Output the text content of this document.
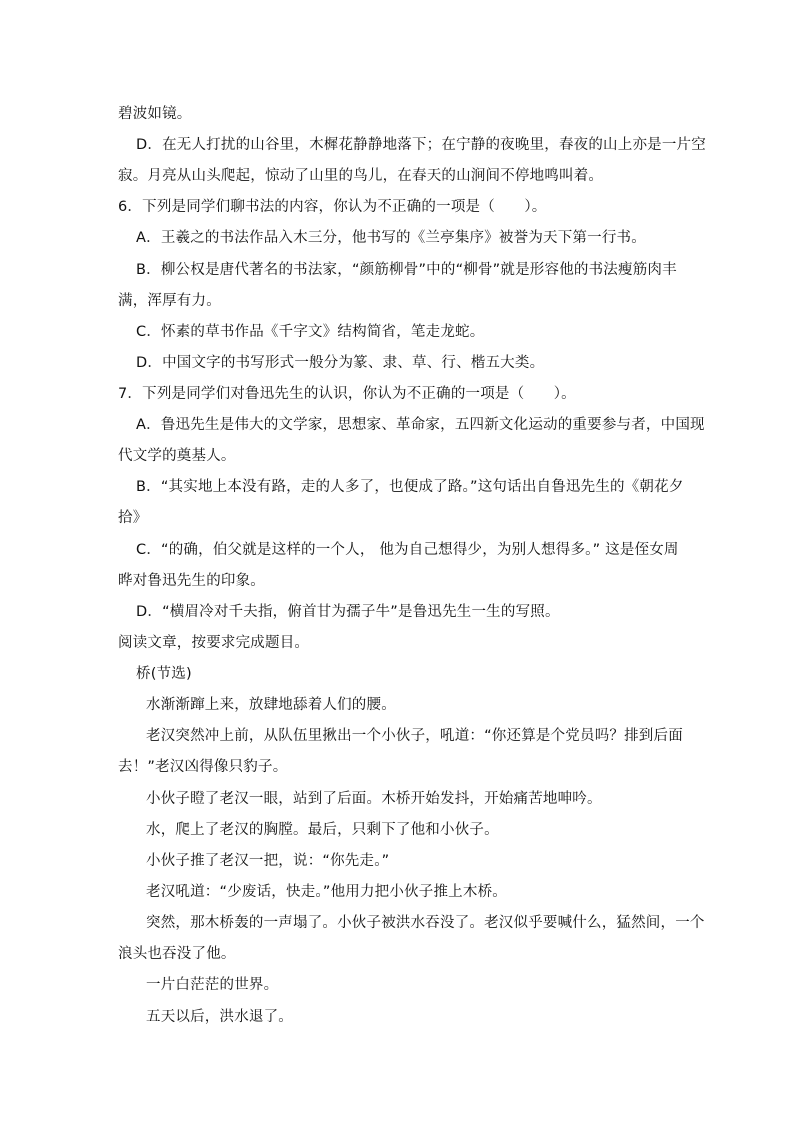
碧波如镜。
D．在无人打扰的山谷里，木樨花静静地落下；在宁静的夜晚里，春夜的山上亦是一片空
寂。月亮从山头爬起，惊动了山里的鸟儿，在春天的山涧间不停地鸣叫着。
6．下列是同学们聊书法的内容，你认为不正确的一项是（　　）。
A．王羲之的书法作品入木三分，他书写的《兰亭集序》被誉为天下第一行书。
B．柳公权是唐代著名的书法家，“颜筋柳骨”中的“柳骨”就是形容他的书法瘦筋肉丰
满，浑厚有力。
C．怀素的草书作品《千字文》结构简省，笔走龙蛇。
D．中国文字的书写形式一般分为篆、隶、草、行、楷五大类。
7．下列是同学们对鲁迅先生的认识，你认为不正确的一项是（　　）。
A．鲁迅先生是伟大的文学家，思想家、革命家，五四新文化运动的重要参与者，中国现
代文学的奠基人。
B．“其实地上本没有路，走的人多了，也便成了路。”这句话出自鲁迅先生的《朝花夕
拾》
C．“的确，伯父就是这样的一个人， 他为自己想得少，为别人想得多。” 这是侄女周
晔对鲁迅先生的印象。
D．“横眉冷对千夫指，俯首甘为孺子牛”是鲁迅先生一生的写照。
阅读文章，按要求完成题目。
桥(节选)
水渐渐蹿上来，放肆地舔着人们的腰。
老汉突然冲上前，从队伍里揪出一个小伙子，吼道：“你还算是个党员吗？排到后面
去！”老汉凶得像只豹子。
小伙子瞪了老汉一眼，站到了后面。木桥开始发抖，开始痛苦地呻吟。
水，爬上了老汉的胸膛。最后，只剩下了他和小伙子。
小伙子推了老汉一把，说：“你先走。”
老汉吼道：“少废话，快走。”他用力把小伙子推上木桥。
突然，那木桥轰的一声塌了。小伙子被洪水吞没了。老汉似乎要喊什么，猛然间，一个
浪头也吞没了他。
一片白茫茫的世界。
五天以后，洪水退了。
